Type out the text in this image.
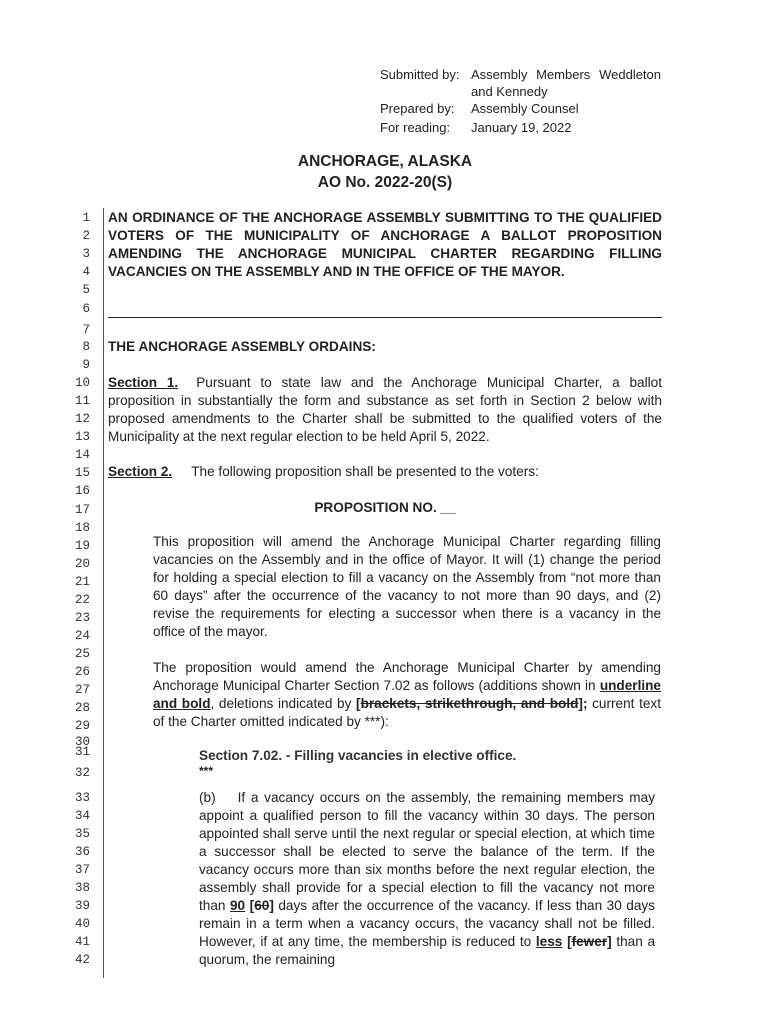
Submitted by: Assembly Members Weddleton and Kennedy
Prepared by: Assembly Counsel
For reading: January 19, 2022
ANCHORAGE, ALASKA
AO No. 2022-20(S)
1
2
3
4
5
6
7
8
9
10
11
12
13
14
15
16
17
18
19
20
21
22
23
24
25
26
27
28
29
30
31
32
33
34
35
36
37
38
39
40
41
42
AN ORDINANCE OF THE ANCHORAGE ASSEMBLY SUBMITTING TO THE QUALIFIED VOTERS OF THE MUNICIPALITY OF ANCHORAGE A BALLOT PROPOSITION AMENDING THE ANCHORAGE MUNICIPAL CHARTER REGARDING FILLING VACANCIES ON THE ASSEMBLY AND IN THE OFFICE OF THE MAYOR.
THE ANCHORAGE ASSEMBLY ORDAINS:
Section 1. Pursuant to state law and the Anchorage Municipal Charter, a ballot proposition in substantially the form and substance as set forth in Section 2 below with proposed amendments to the Charter shall be submitted to the qualified voters of the Municipality at the next regular election to be held April 5, 2022.
Section 2. The following proposition shall be presented to the voters:
PROPOSITION NO. __
This proposition will amend the Anchorage Municipal Charter regarding filling vacancies on the Assembly and in the office of Mayor. It will (1) change the period for holding a special election to fill a vacancy on the Assembly from “not more than 60 days” after the occurrence of the vacancy to not more than 90 days, and (2) revise the requirements for electing a successor when there is a vacancy in the office of the mayor.
The proposition would amend the Anchorage Municipal Charter by amending Anchorage Municipal Charter Section 7.02 as follows (additions shown in underline and bold, deletions indicated by [brackets, strikethrough, and bold]; current text of the Charter omitted indicated by ***):
Section 7.02. - Filling vacancies in elective office.
***
(b) If a vacancy occurs on the assembly, the remaining members may appoint a qualified person to fill the vacancy within 30 days. The person appointed shall serve until the next regular or special election, at which time a successor shall be elected to serve the balance of the term. If the vacancy occurs more than six months before the next regular election, the assembly shall provide for a special election to fill the vacancy not more than 90 [60] days after the occurrence of the vacancy. If less than 30 days remain in a term when a vacancy occurs, the vacancy shall not be filled. However, if at any time, the membership is reduced to less [fewer] than a quorum, the remaining
